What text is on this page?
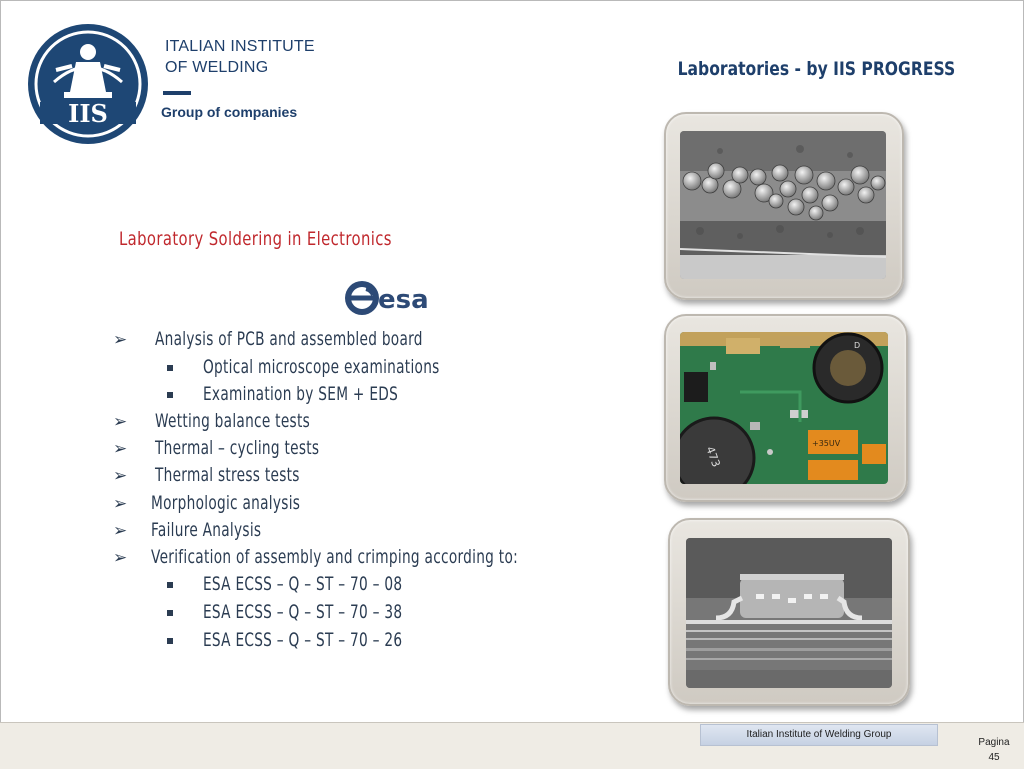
IIS
ITALIAN INSTITUTE
OF WELDING
Group of companies
Laboratories - by IIS PROGRESS
Laboratory Soldering in Electronics
esa
➢ Analysis of PCB and assembled board
Optical microscope examinations
Examination by SEM + EDS
➢ Wetting balance tests
➢ Thermal – cycling tests
➢ Thermal stress tests
➢ Morphologic analysis
➢ Failure Analysis
➢ Verification of assembly and crimping according to:
ESA ECSS – Q – ST – 70 – 08
ESA ECSS – Q – ST – 70 – 38
ESA ECSS – Q – ST – 70 – 26
D
473
+35UV
Italian Institute of Welding Group
Pagina
45
